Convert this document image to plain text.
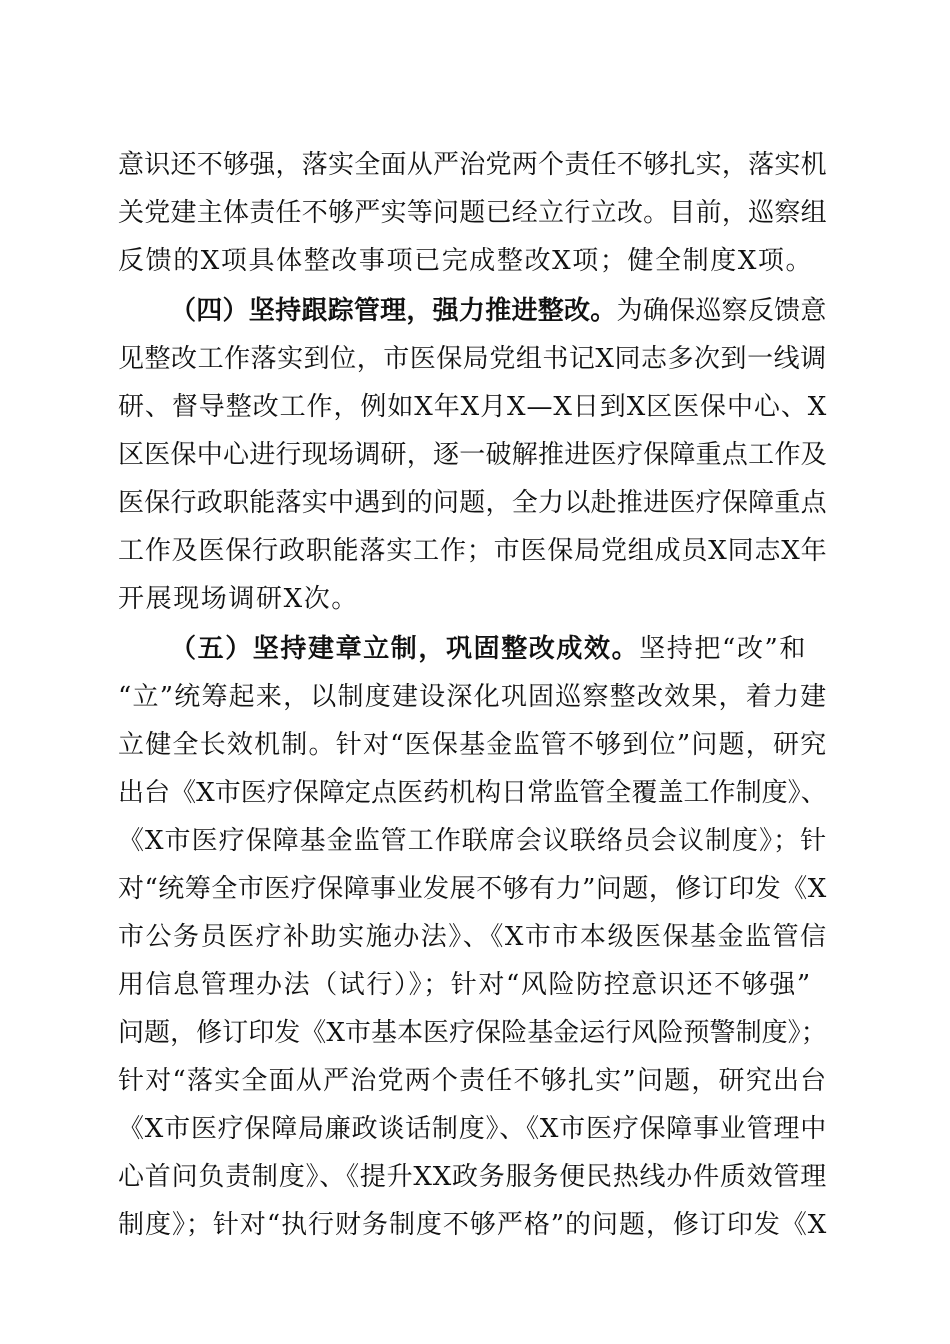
意识还不够强，落实全面从严治党两个责任不够扎实，落实机
关党建主体责任不够严实等问题已经立行立改。目前，巡察组
反馈的X项具体整改事项已完成整改X项；健全制度X项。
（四）坚持跟踪管理，强力推进整改。为确保巡察反馈意
见整改工作落实到位，市医保局党组书记X同志多次到一线调
研、督导整改工作，例如X年X月X—X日到X区医保中心、X
区医保中心进行现场调研，逐一破解推进医疗保障重点工作及
医保行政职能落实中遇到的问题，全力以赴推进医疗保障重点
工作及医保行政职能落实工作；市医保局党组成员X同志X年
开展现场调研X次。
（五）坚持建章立制，巩固整改成效。坚持把“改”和
“立”统筹起来，以制度建设深化巩固巡察整改效果，着力建
立健全长效机制。针对“医保基金监管不够到位”问题，研究
出台《X市医疗保障定点医药机构日常监管全覆盖工作制度》、
《X市医疗保障基金监管工作联席会议联络员会议制度》；针
对“统筹全市医疗保障事业发展不够有力”问题，修订印发《X
市公务员医疗补助实施办法》、《X市市本级医保基金监管信
用信息管理办法（试行）》；针对“风险防控意识还不够强”
问题，修订印发《X市基本医疗保险基金运行风险预警制度》；
针对“落实全面从严治党两个责任不够扎实”问题，研究出台
《X市医疗保障局廉政谈话制度》、《X市医疗保障事业管理中
心首问负责制度》、《提升XX政务服务便民热线办件质效管理
制度》；针对“执行财务制度不够严格”的问题，修订印发《X
